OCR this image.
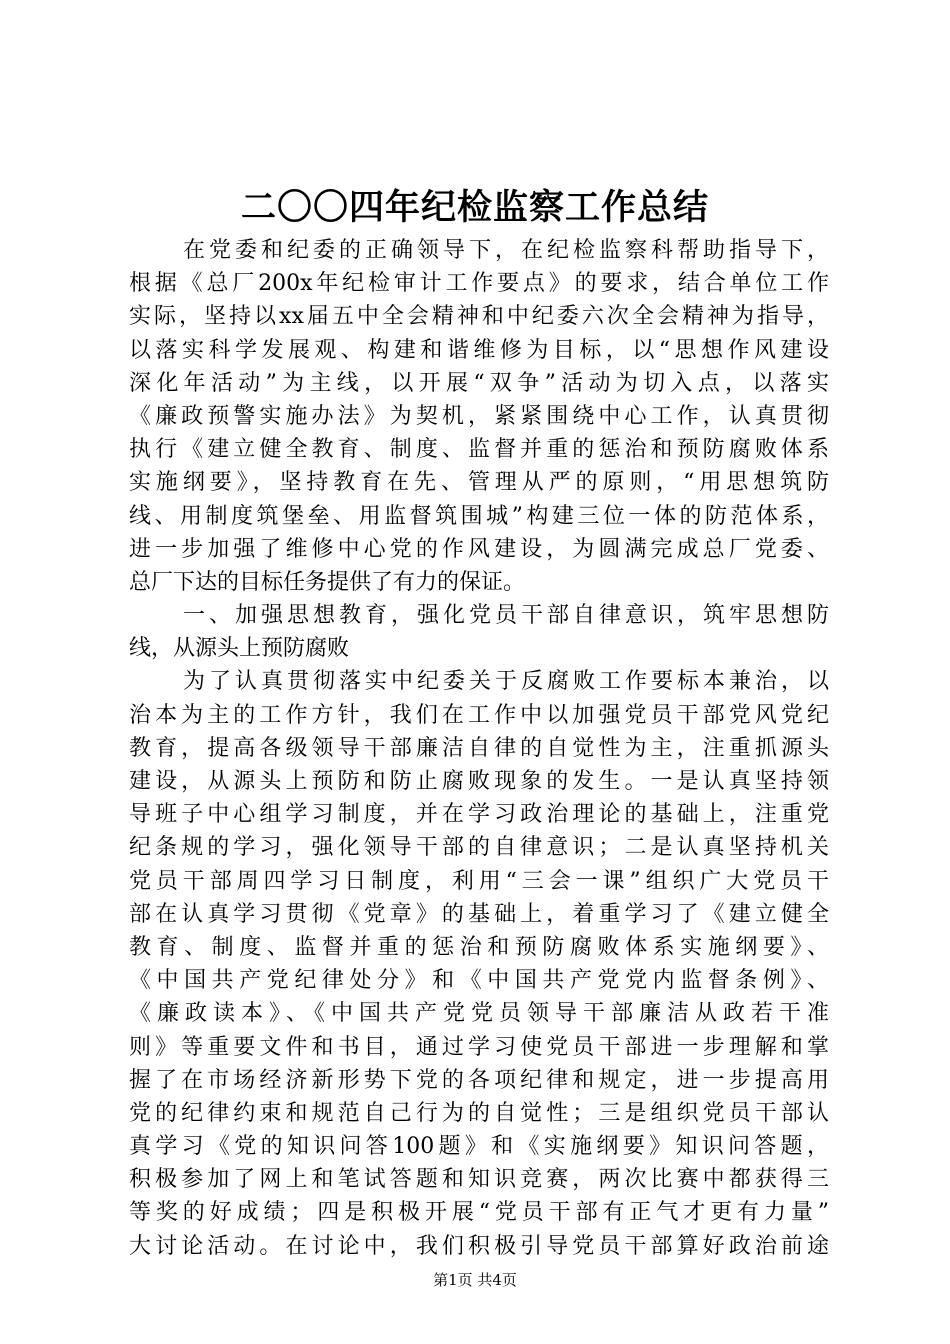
二〇〇四年纪检监察工作总结
在党委和纪委的正确领导下，在纪检监察科帮助指导下，
根据《总厂200x年纪检审计工作要点》的要求，结合单位工作
实际，坚持以xx届五中全会精神和中纪委六次全会精神为指导，
以落实科学发展观、构建和谐维修为目标，以“思想作风建设
深化年活动”为主线，以开展“双争”活动为切入点，以落实
《廉政预警实施办法》为契机，紧紧围绕中心工作，认真贯彻
执行《建立健全教育、制度、监督并重的惩治和预防腐败体系
实施纲要》，坚持教育在先、管理从严的原则，“用思想筑防
线、用制度筑堡垒、用监督筑围城”构建三位一体的防范体系，
进一步加强了维修中心党的作风建设，为圆满完成总厂党委、
总厂下达的目标任务提供了有力的保证。
一、加强思想教育，强化党员干部自律意识，筑牢思想防
线，从源头上预防腐败
为了认真贯彻落实中纪委关于反腐败工作要标本兼治，以
治本为主的工作方针，我们在工作中以加强党员干部党风党纪
教育，提高各级领导干部廉洁自律的自觉性为主，注重抓源头
建设，从源头上预防和防止腐败现象的发生。一是认真坚持领
导班子中心组学习制度，并在学习政治理论的基础上，注重党
纪条规的学习，强化领导干部的自律意识；二是认真坚持机关
党员干部周四学习日制度，利用“三会一课”组织广大党员干
部在认真学习贯彻《党章》的基础上，着重学习了《建立健全
教育、制度、监督并重的惩治和预防腐败体系实施纲要》、
《中国共产党纪律处分》和《中国共产党党内监督条例》、
《廉政读本》、《中国共产党党员领导干部廉洁从政若干准
则》等重要文件和书目，通过学习使党员干部进一步理解和掌
握了在市场经济新形势下党的各项纪律和规定，进一步提高用
党的纪律约束和规范自己行为的自觉性；三是组织党员干部认
真学习《党的知识问答100题》和《实施纲要》知识问答题，
积极参加了网上和笔试答题和知识竞赛，两次比赛中都获得三
等奖的好成绩；四是积极开展“党员干部有正气才更有力量”
大讨论活动。在讨论中，我们积极引导党员干部算好政治前途
第1页 共4页
